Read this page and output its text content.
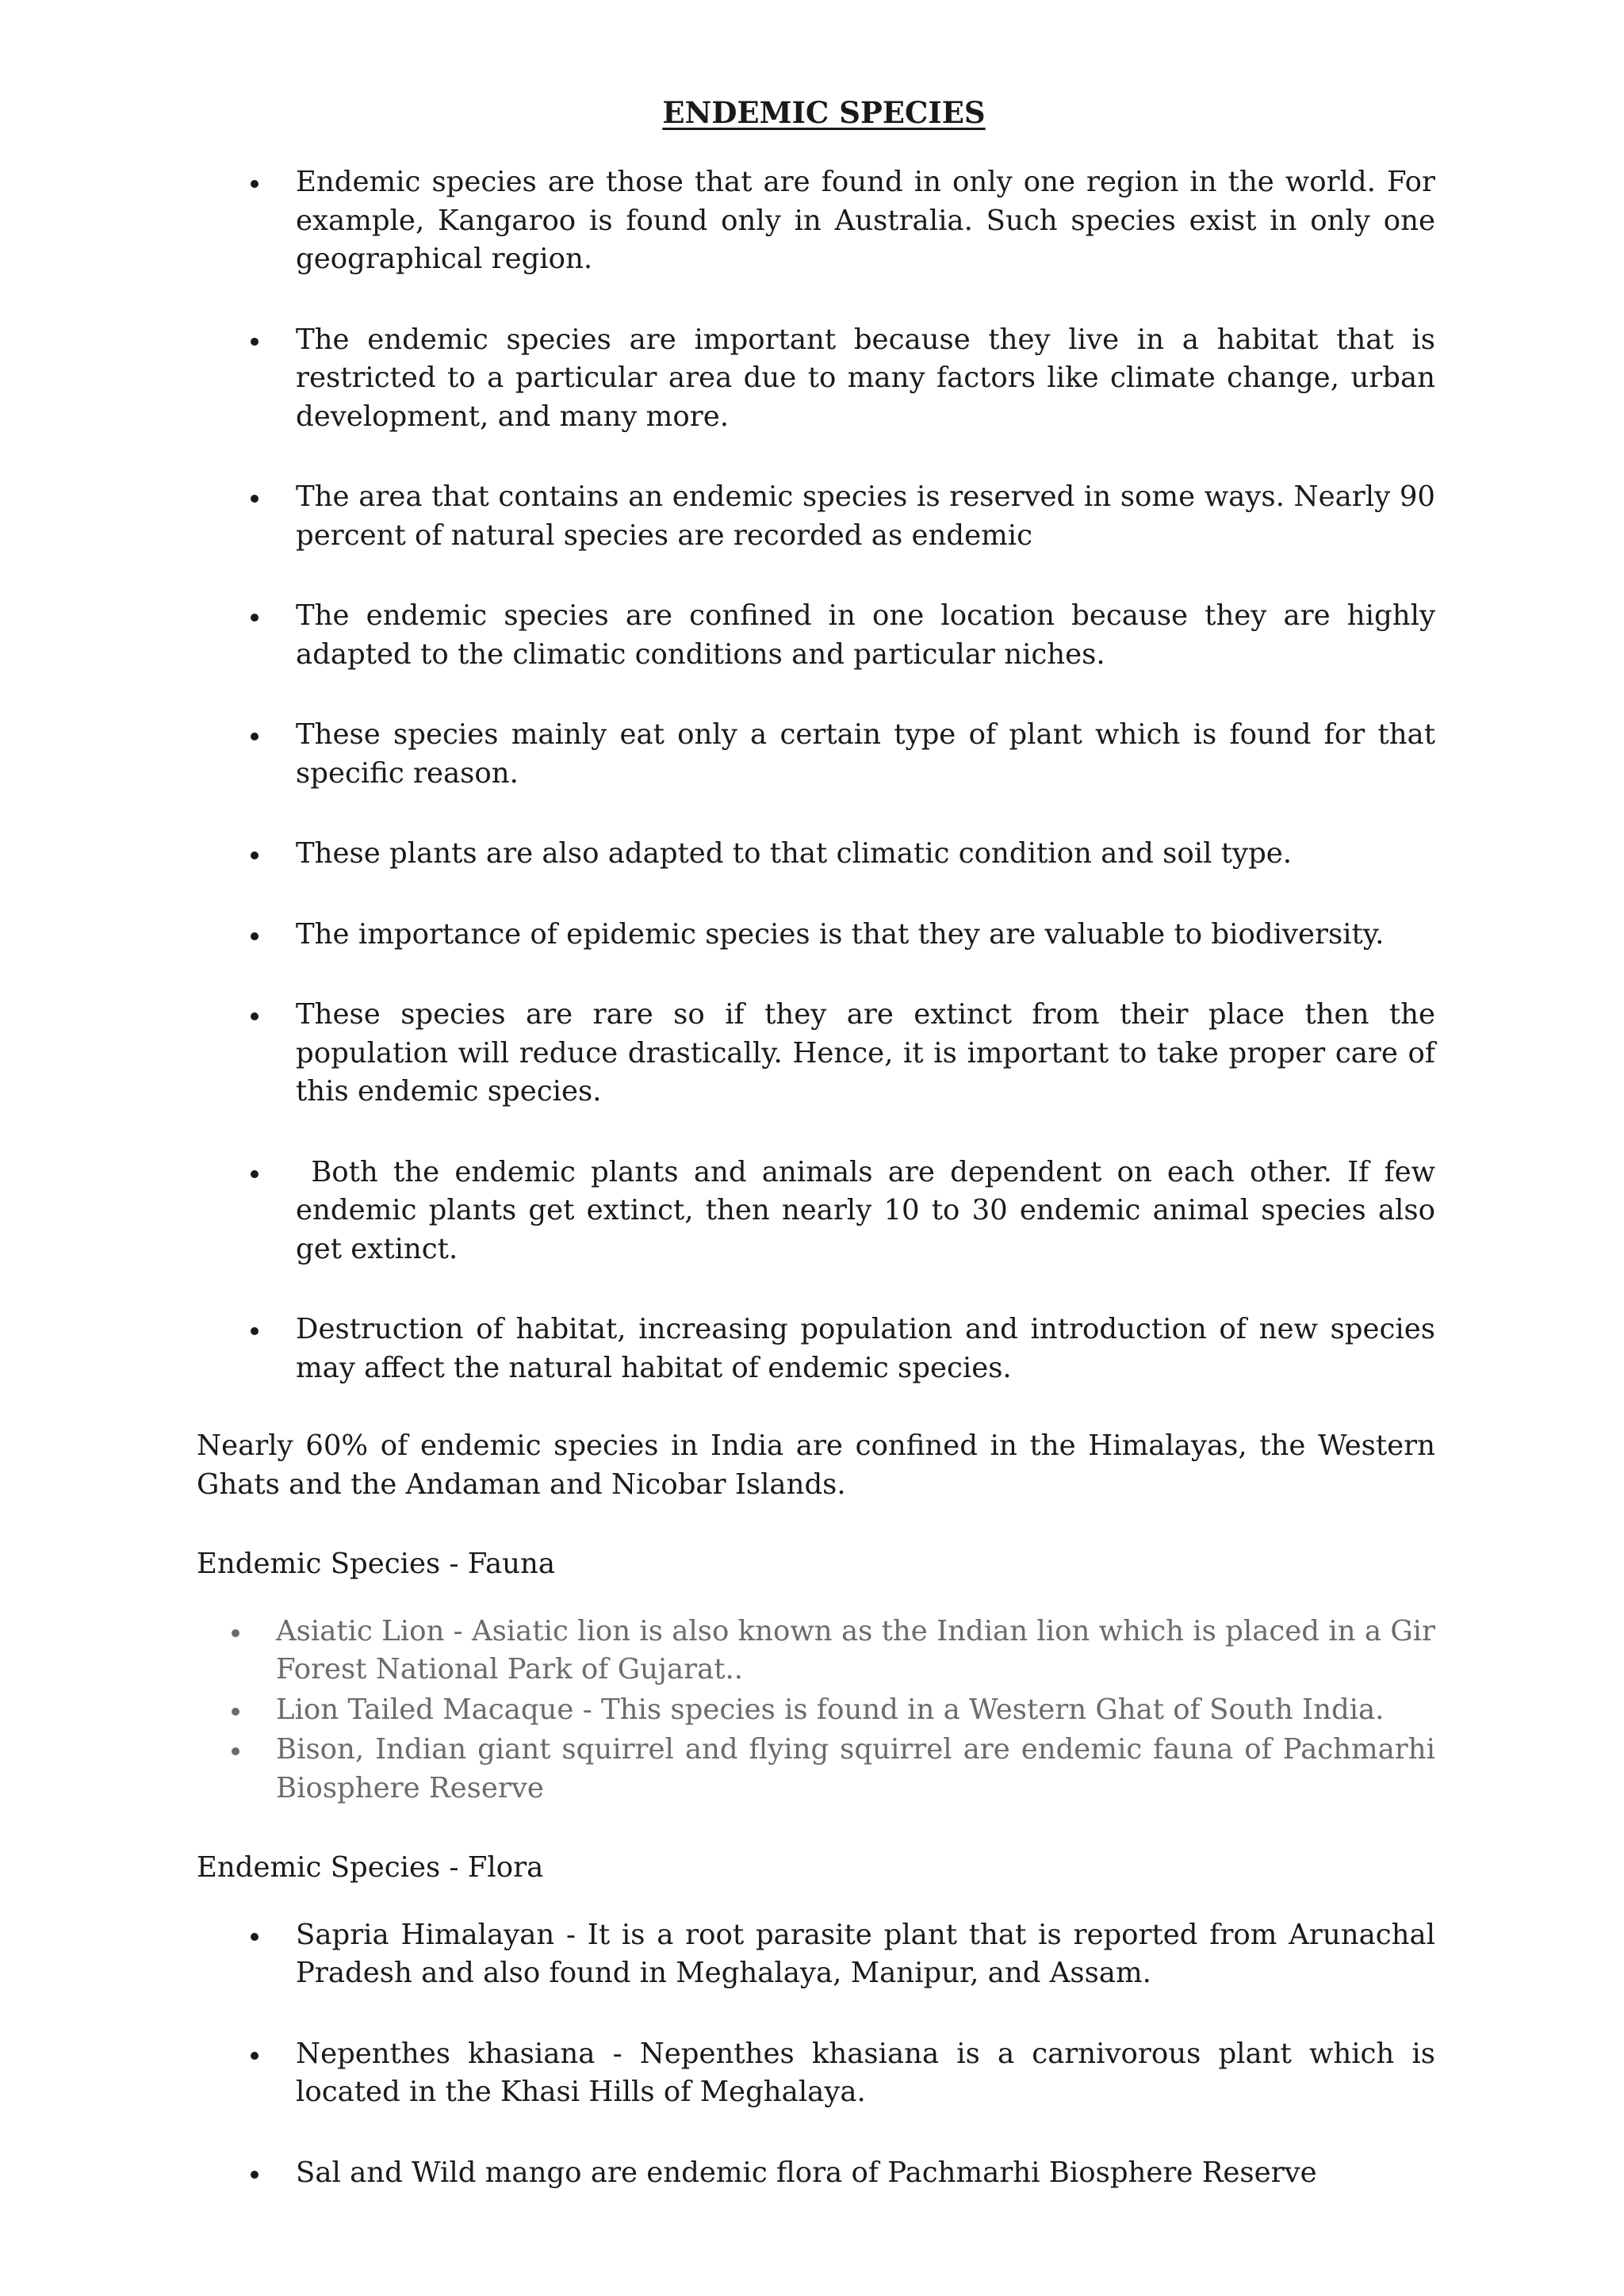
ENDEMIC SPECIES
Endemic species are those that are found in only one region in the world. For example, Kangaroo is found only in Australia. Such species exist in only one geographical region.
The endemic species are important because they live in a habitat that is restricted to a particular area due to many factors like climate change, urban development, and many more.
The area that contains an endemic species is reserved in some ways. Nearly 90 percent of natural species are recorded as endemic
The endemic species are confined in one location because they are highly adapted to the climatic conditions and particular niches.
These species mainly eat only a certain type of plant which is found for that specific reason.
These plants are also adapted to that climatic condition and soil type.
The importance of epidemic species is that they are valuable to biodiversity.
These species are rare so if they are extinct from their place then the population will reduce drastically. Hence, it is important to take proper care of this endemic species.
Both the endemic plants and animals are dependent on each other. If few endemic plants get extinct, then nearly 10 to 30 endemic animal species also get extinct.
Destruction of habitat, increasing population and introduction of new species may affect the natural habitat of endemic species.

Nearly 60% of endemic species in India are confined in the Himalayas, the Western Ghats and the Andaman and Nicobar Islands.

Endemic Species - Fauna

Asiatic Lion - Asiatic lion is also known as the Indian lion which is placed in a Gir Forest National Park of Gujarat..
Lion Tailed Macaque - This species is found in a Western Ghat of South India.
Bison, Indian giant squirrel and flying squirrel are endemic fauna of Pachmarhi Biosphere Reserve

Endemic Species - Flora

Sapria Himalayan - It is a root parasite plant that is reported from Arunachal Pradesh and also found in Meghalaya, Manipur, and Assam.
Nepenthes khasiana - Nepenthes khasiana is a carnivorous plant which is located in the Khasi Hills of Meghalaya.
Sal and Wild mango are endemic flora of Pachmarhi Biosphere Reserve
